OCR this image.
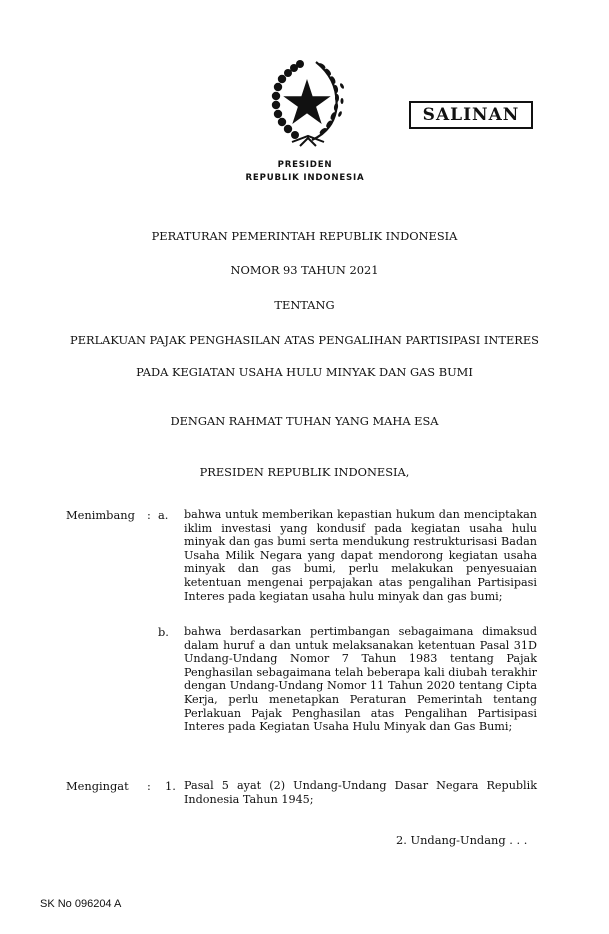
SALINAN
PRESIDEN
REPUBLIK INDONESIA
PERATURAN PEMERINTAH REPUBLIK INDONESIA
NOMOR 93 TAHUN 2021
TENTANG
PERLAKUAN PAJAK PENGHASILAN ATAS PENGALIHAN PARTISIPASI INTERES
PADA KEGIATAN USAHA HULU MINYAK DAN GAS BUMI
DENGAN RAHMAT TUHAN YANG MAHA ESA
PRESIDEN REPUBLIK INDONESIA,
Menimbang : a. bahwa untuk memberikan kepastian hukum dan menciptakan iklim investasi yang kondusif pada kegiatan usaha hulu minyak dan gas bumi serta mendukung restrukturisasi Badan Usaha Milik Negara yang dapat mendorong kegiatan usaha minyak dan gas bumi, perlu melakukan penyesuaian ketentuan mengenai perpajakan atas pengalihan Partisipasi Interes pada kegiatan usaha hulu minyak dan gas bumi;
b. bahwa berdasarkan pertimbangan sebagaimana dimaksud dalam huruf a dan untuk melaksanakan ketentuan Pasal 31D Undang-Undang Nomor 7 Tahun 1983 tentang Pajak Penghasilan sebagaimana telah beberapa kali diubah terakhir dengan Undang-Undang Nomor 11 Tahun 2020 tentang Cipta Kerja, perlu menetapkan Peraturan Pemerintah tentang Perlakuan Pajak Penghasilan atas Pengalihan Partisipasi Interes pada Kegiatan Usaha Hulu Minyak dan Gas Bumi;
Mengingat : 1. Pasal 5 ayat (2) Undang-Undang Dasar Negara Republik Indonesia Tahun 1945;
2. Undang-Undang . . .
SK No 096204 A
